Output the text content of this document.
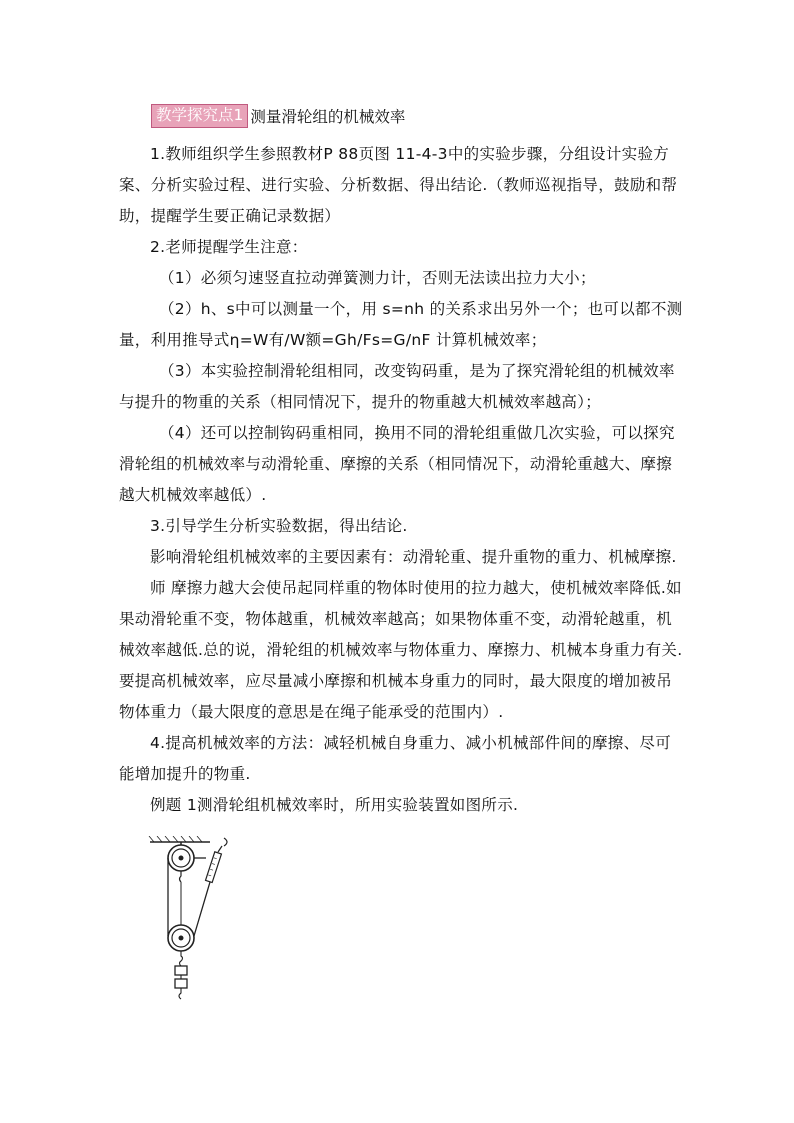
教学探究点1 测量滑轮组的机械效率

1.教师组织学生参照教材P 88页图 11-4-3中的实验步骤，分组设计实验方案、分析实验过程、进行实验、分析数据、得出结论.（教师巡视指导，鼓励和帮助，提醒学生要正确记录数据）

2.老师提醒学生注意：

（1）必须匀速竖直拉动弹簧测力计，否则无法读出拉力大小；

（2）h、s中可以测量一个，用 s=nh 的关系求出另外一个；也可以都不测量，利用推导式η=W有/W额=Gh/Fs=G/nF 计算机械效率；

（3）本实验控制滑轮组相同，改变钩码重，是为了探究滑轮组的机械效率与提升的物重的关系（相同情况下，提升的物重越大机械效率越高）；

（4）还可以控制钩码重相同，换用不同的滑轮组重做几次实验，可以探究滑轮组的机械效率与动滑轮重、摩擦的关系（相同情况下，动滑轮重越大、摩擦越大机械效率越低）.

3.引导学生分析实验数据，得出结论.

影响滑轮组机械效率的主要因素有：动滑轮重、提升重物的重力、机械摩擦.

师 摩擦力越大会使吊起同样重的物体时使用的拉力越大，使机械效率降低.如果动滑轮重不变，物体越重，机械效率越高；如果物体重不变，动滑轮越重，机械效率越低.总的说，滑轮组的机械效率与物体重力、摩擦力、机械本身重力有关.要提高机械效率，应尽量减小摩擦和机械本身重力的同时，最大限度的增加被吊物体重力（最大限度的意思是在绳子能承受的范围内）.

4.提高机械效率的方法：减轻机械自身重力、减小机械部件间的摩擦、尽可能增加提升的物重.

例题 1测滑轮组机械效率时，所用实验装置如图所示.
